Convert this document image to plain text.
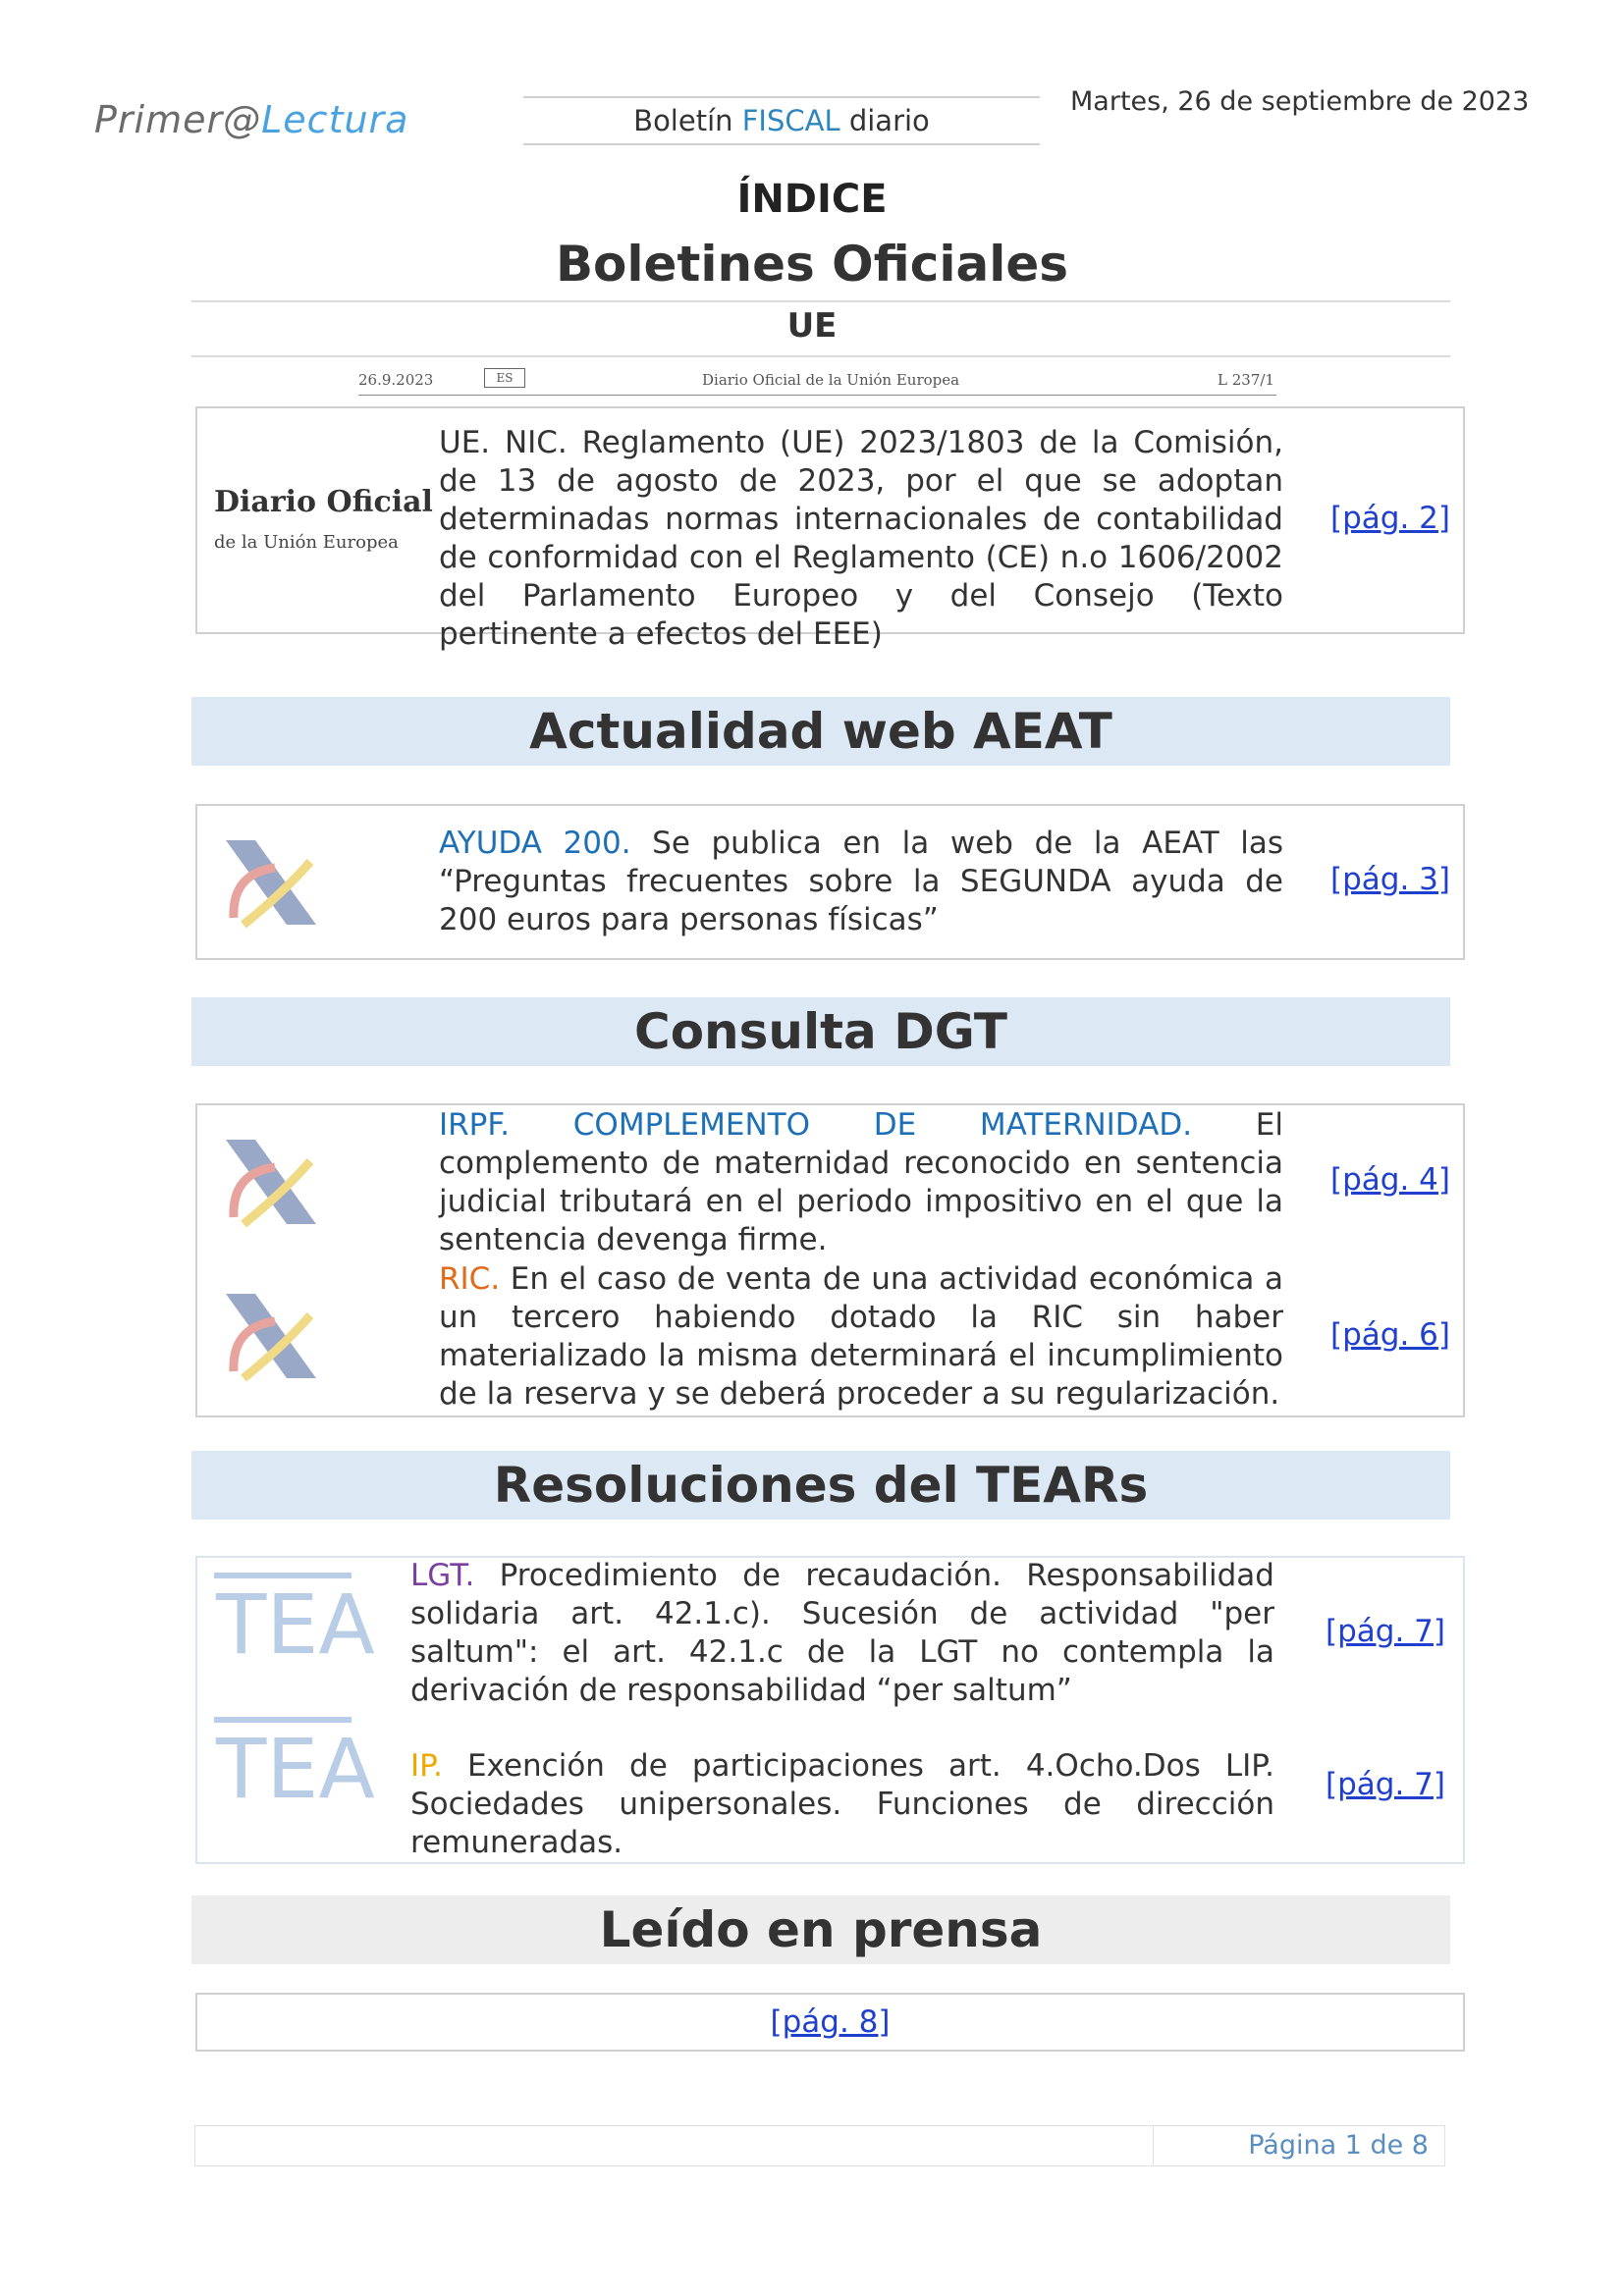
Primer@Lectura	Boletín FISCAL diario
Martes, 26 de septiembre de 2023
ÍNDICE
Boletines Oficiales
UE
26.9.2023	ES	Diario Oficial de la Unión Europea	L 237/1
Diario Oficial
de la Unión Europea
UE. NIC. Reglamento (UE) 2023/1803 de la Comisión, de 13 de agosto de 2023, por el que se adoptan determinadas normas internacionales de contabilidad de conformidad con el Reglamento (CE) n.o 1606/2002 del Parlamento Europeo y del Consejo (Texto pertinente a efectos del EEE)
[pág. 2]
Actualidad web AEAT
AYUDA 200. Se publica en la web de la AEAT las “Preguntas frecuentes sobre la SEGUNDA ayuda de 200 euros para personas físicas”
[pág. 3]
Consulta DGT
IRPF. COMPLEMENTO DE MATERNIDAD. El complemento de maternidad reconocido en sentencia judicial tributará en el periodo impositivo en el que la sentencia devenga firme.
[pág. 4]
RIC. En el caso de venta de una actividad económica a un tercero habiendo dotado la RIC sin haber materializado la misma determinará el incumplimiento de la reserva y se deberá proceder a su regularización.
[pág. 6]
Resoluciones del TEARs
TEA
LGT. Procedimiento de recaudación. Responsabilidad solidaria art. 42.1.c). Sucesión de actividad "per saltum": el art. 42.1.c de la LGT no contempla la derivación de responsabilidad “per saltum”
[pág. 7]
TEA IP. Exención de participaciones art. 4.Ocho.Dos LIP. Sociedades unipersonales. Funciones de dirección remuneradas.
[pág. 7]
Leído en prensa
[pág. 8]
Página 1 de 8
